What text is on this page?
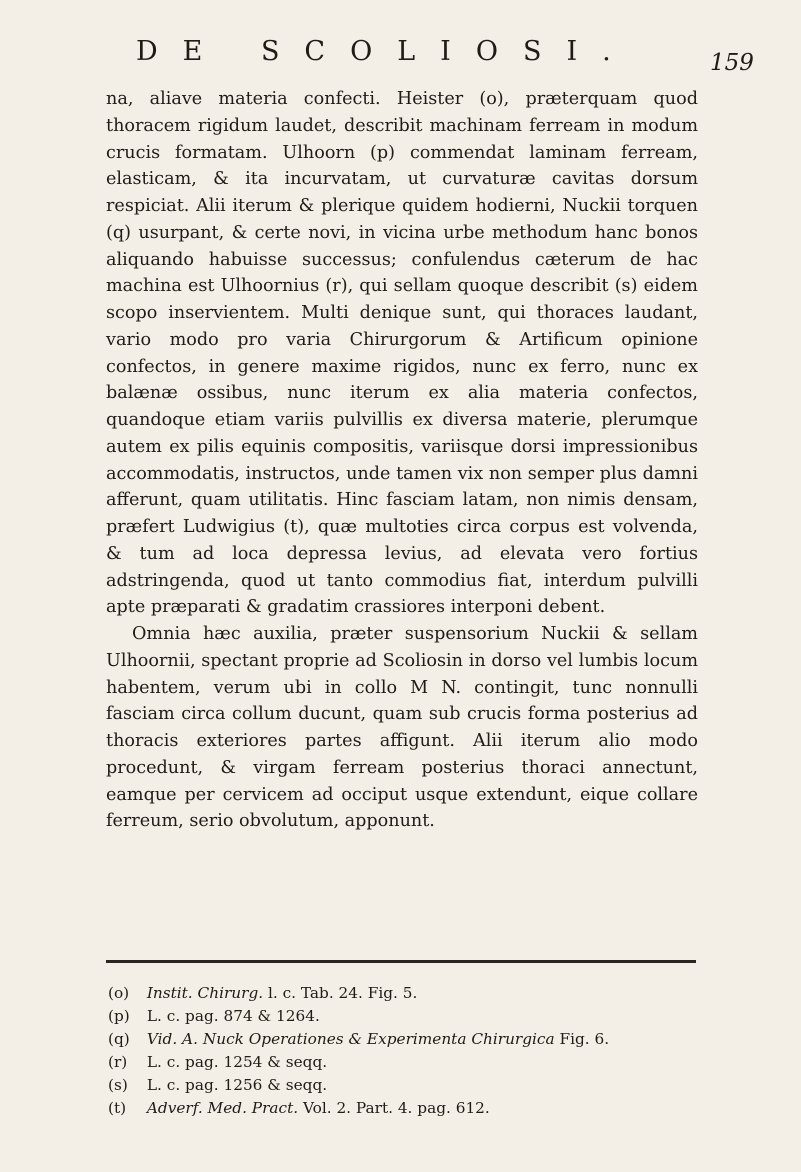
DE SCOLIOSI.	159

na, aliave materia confecti. Heister (o), præterquam quod thoracem rigidum laudet, describit machinam ferream in modum crucis formatam. Ulhoorn (p) commendat laminam ferream, elasticam, & ita incurvatam, ut curvaturæ cavitas dorsum respiciat. Alii iterum & plerique quidem hodierni, Nuckii torquen (q) usurpant, & certe novi, in vicina urbe methodum hanc bonos aliquando habuisse successus; confulendus cæterum de hac machina est Ulhoornius (r), qui sellam quoque describit (s) eidem scopo inservientem. Multi denique sunt, qui thoraces laudant, vario modo pro varia Chirurgorum & Artificum opinione confectos, in genere maxime rigidos, nunc ex ferro, nunc ex balænæ ossibus, nunc iterum ex alia materia confectos, quandoque etiam variis pulvillis ex diversa materie, plerumque autem ex pilis equinis compositis, variisque dorsi impressionibus accommodatis, instructos, unde tamen vix non semper plus damni afferunt, quam utilitatis. Hinc fasciam latam, non nimis densam, præfert Ludwigius (t), quæ multoties circa corpus est volvenda, & tum ad loca depressa levius, ad elevata vero fortius adstringenda, quod ut tanto commodius fiat, interdum pulvilli apte præparati & gradatim crassiores interponi debent.

Omnia hæc auxilia, præter suspensorium Nuckii & sellam Ulhoornii, spectant proprie ad Scoliosin in dorso vel lumbis locum habentem, verum ubi in collo M N. contingit, tunc nonnulli fasciam circa collum ducunt, quam sub crucis forma posterius ad thoracis exteriores partes affigunt. Alii iterum alio modo procedunt, & virgam ferream posterius thoraci annectunt, eamque per cervicem ad occiput usque extendunt, eique collare ferreum, serio obvolutum, apponunt.

(o) Instit. Chirurg. l. c. Tab. 24. Fig. 5.
(p) L. c. pag. 874 & 1264.
(q) Vid. A. Nuck Operationes & Experimenta Chirurgica Fig. 6.
(r) L. c. pag. 1254 & seqq.
(s) L. c. pag. 1256 & seqq.
(t) Adverf. Med. Pract. Vol. 2. Part. 4. pag. 612.
